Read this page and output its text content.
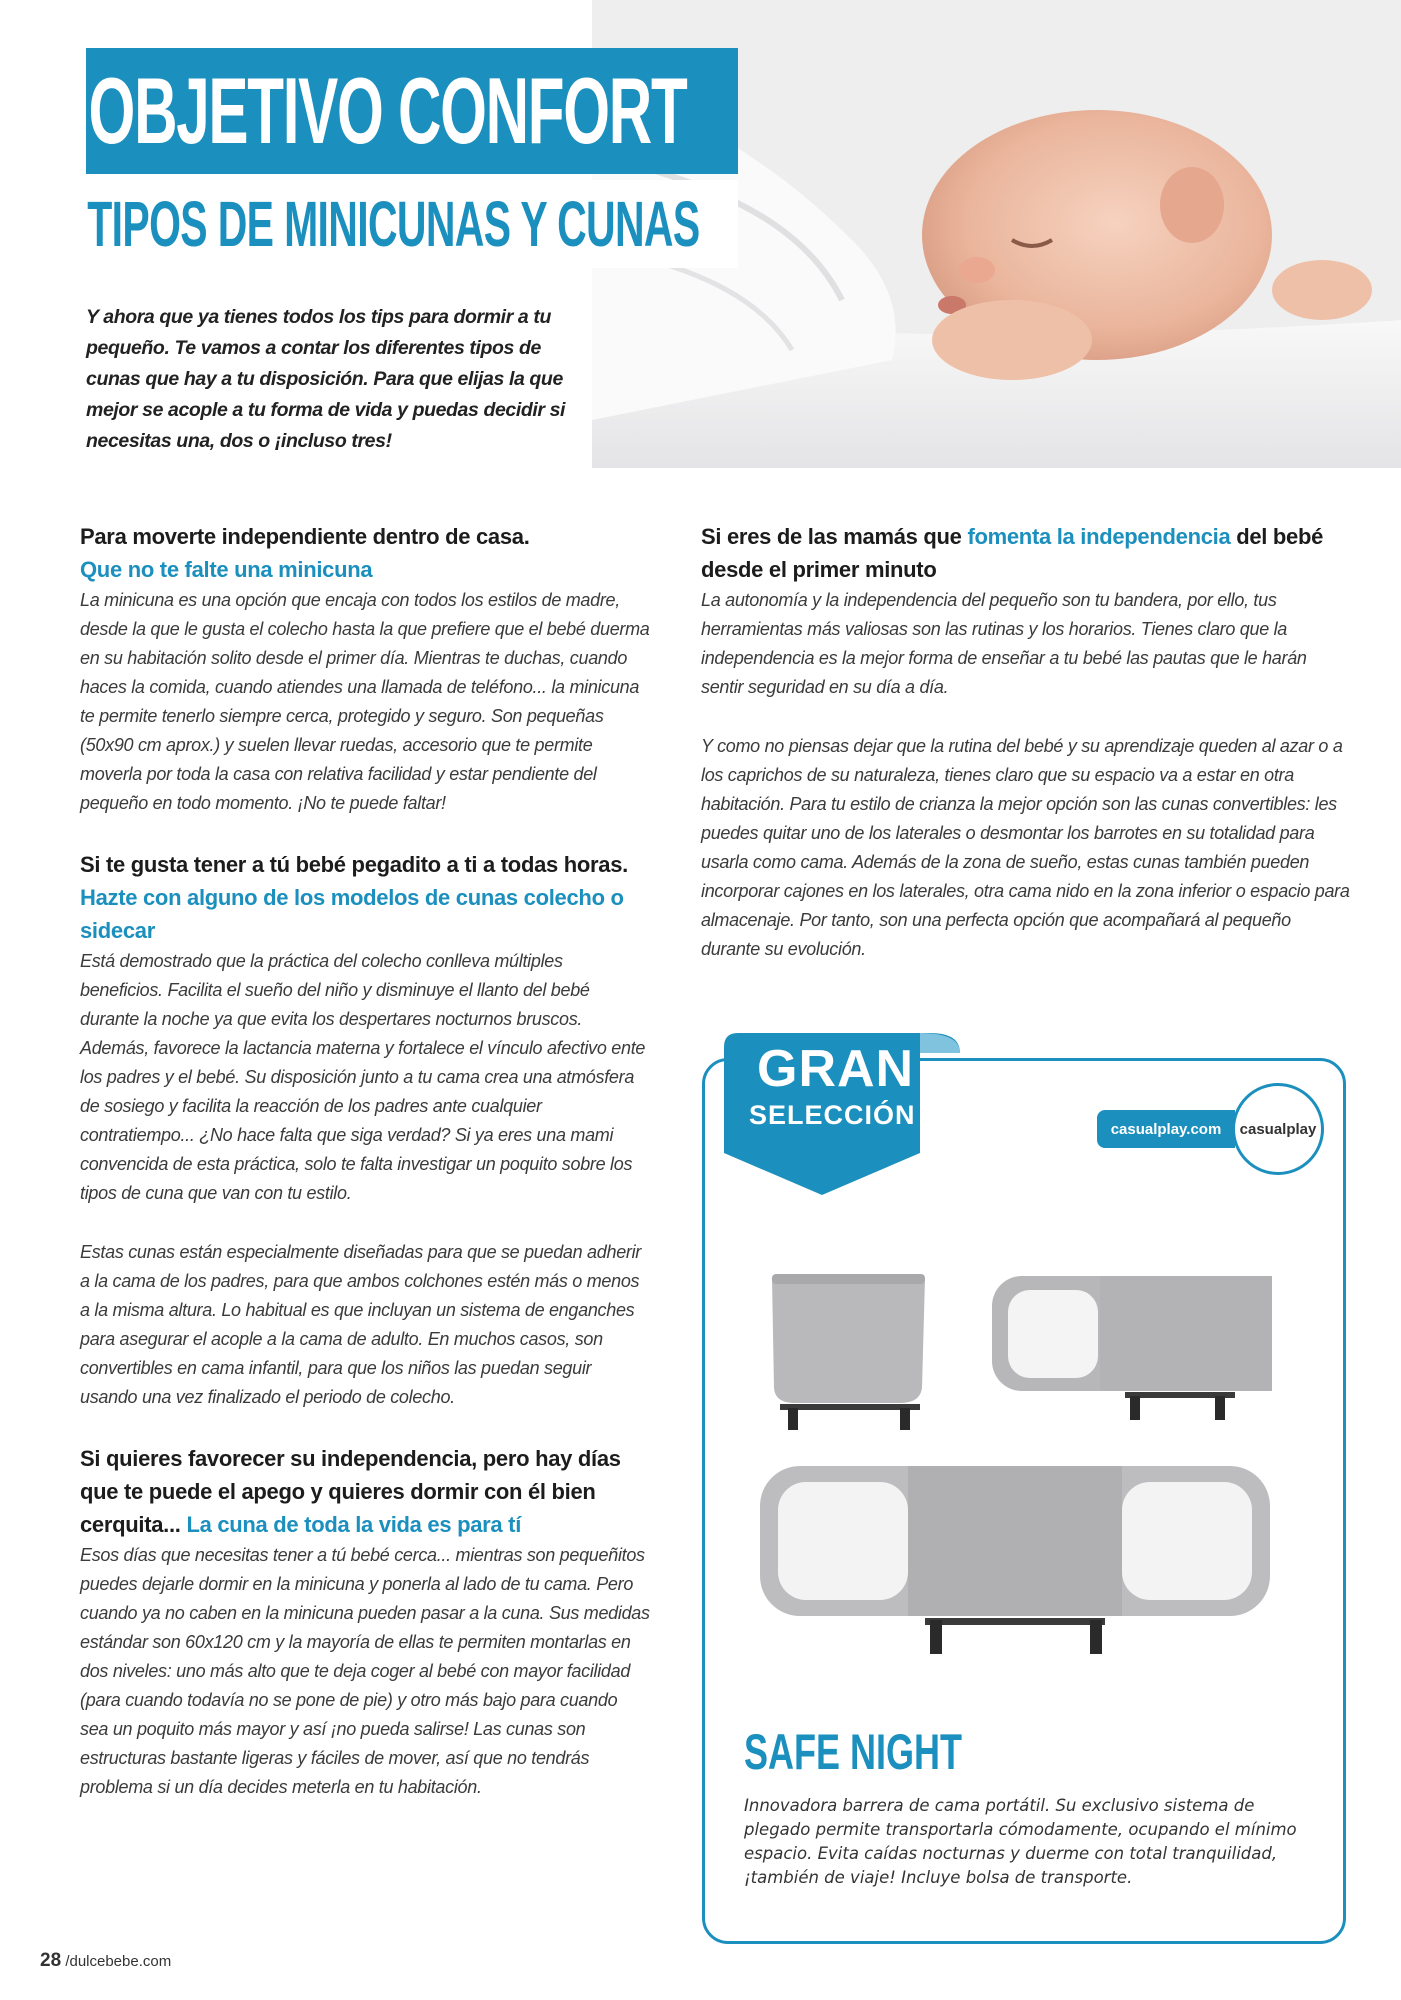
OBJETIVO CONFORT
TIPOS DE MINICUNAS Y CUNAS

Y ahora que ya tienes todos los tips para dormir a tu pequeño. Te vamos a contar los diferentes tipos de cunas que hay a tu disposición. Para que elijas la que mejor se acople a tu forma de vida y puedas decidir si necesitas una, dos o ¡incluso tres!

Para moverte independiente dentro de casa.
Que no te falte una minicuna

La minicuna es una opción que encaja con todos los estilos de madre, desde la que le gusta el colecho hasta la que prefiere que el bebé duerma en su habitación solito desde el primer día. Mientras te duchas, cuando haces la comida, cuando atiendes una llamada de teléfono... la minicuna te permite tenerlo siempre cerca, protegido y seguro. Son pequeñas (50x90 cm aprox.) y suelen llevar ruedas, accesorio que te permite moverla por toda la casa con relativa facilidad y estar pendiente del pequeño en todo momento. ¡No te puede faltar!

Si te gusta tener a tú bebé pegadito a ti a todas horas.
Hazte con alguno de los modelos de cunas colecho o sidecar

Está demostrado que la práctica del colecho conlleva múltiples beneficios. Facilita el sueño del niño y disminuye el llanto del bebé durante la noche ya que evita los despertares nocturnos bruscos. Además, favorece la lactancia materna y fortalece el vínculo afectivo ente los padres y el bebé. Su disposición junto a tu cama crea una atmósfera de sosiego y facilita la reacción de los padres ante cualquier contratiempo... ¿No hace falta que siga verdad? Si ya eres una mami convencida de esta práctica, solo te falta investigar un poquito sobre los tipos de cuna que van con tu estilo.

Estas cunas están especialmente diseñadas para que se puedan adherir a la cama de los padres, para que ambos colchones estén más o menos a la misma altura. Lo habitual es que incluyan un sistema de enganches para asegurar el acople a la cama de adulto. En muchos casos, son convertibles en cama infantil, para que los niños las puedan seguir usando una vez finalizado el periodo de colecho.

Si quieres favorecer su independencia, pero hay días que te puede el apego y quieres dormir con él bien cerquita... La cuna de toda la vida es para tí

Esos días que necesitas tener a tú bebé cerca... mientras son pequeñitos puedes dejarle dormir en la minicuna y ponerla al lado de tu cama. Pero cuando ya no caben en la minicuna pueden pasar a la cuna. Sus medidas estándar son 60x120 cm y la mayoría de ellas te permiten montarlas en dos niveles: uno más alto que te deja coger al bebé con mayor facilidad (para cuando todavía no se pone de pie) y otro más bajo para cuando sea un poquito más mayor y así ¡no pueda salirse! Las cunas son estructuras bastante ligeras y fáciles de mover, así que no tendrás problema si un día decides meterla en tu habitación.

Si eres de las mamás que fomenta la independencia del bebé desde el primer minuto

La autonomía y la independencia del pequeño son tu bandera, por ello, tus herramientas más valiosas son las rutinas y los horarios. Tienes claro que la independencia es la mejor forma de enseñar a tu bebé las pautas que le harán sentir seguridad en su día a día.

Y como no piensas dejar que la rutina del bebé y su aprendizaje queden al azar o a los caprichos de su naturaleza, tienes claro que su espacio va a estar en otra habitación. Para tu estilo de crianza la mejor opción son las cunas convertibles: les puedes quitar uno de los laterales o desmontar los barrotes en su totalidad para usarla como cama. Además de la zona de sueño, estas cunas también pueden incorporar cajones en los laterales, otra cama nido en la zona inferior o espacio para almacenaje. Por tanto, son una perfecta opción que acompañará al pequeño durante su evolución.

GRAN
SELECCIÓN	casualplay.com	casualplay
SAFE NIGHT

Innovadora barrera de cama portátil. Su exclusivo sistema de plegado permite transportarla cómodamente, ocupando el mínimo espacio. Evita caídas nocturnas y duerme con total tranquilidad, ¡también de viaje! Incluye bolsa de transporte.

28 /dulcebebe.com
